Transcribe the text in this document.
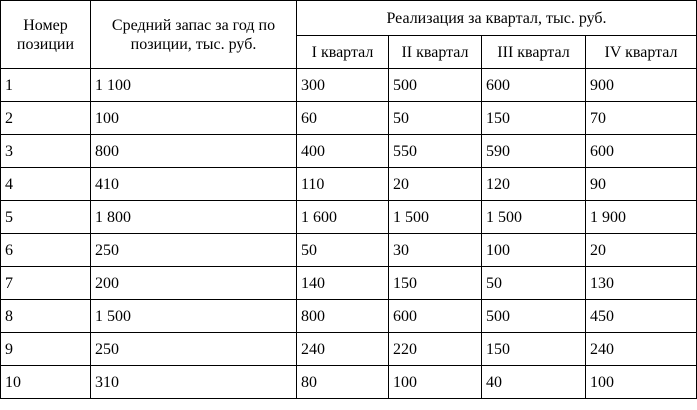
Номер позиции	Средний запас за год по позиции, тыс. руб.	Реализация за квартал, тыс. руб.			
		I квартал	II квартал	III квартал	IV квартал
1	1 100	300	500	600	900
2	100	60	50	150	70
3	800	400	550	590	600
4	410	110	20	120	90
5	1 800	1 600	1 500	1 500	1 900
6	250	50	30	100	20
7	200	140	150	50	130
8	1 500	800	600	500	450
9	250	240	220	150	240
10	310	80	100	40	100
